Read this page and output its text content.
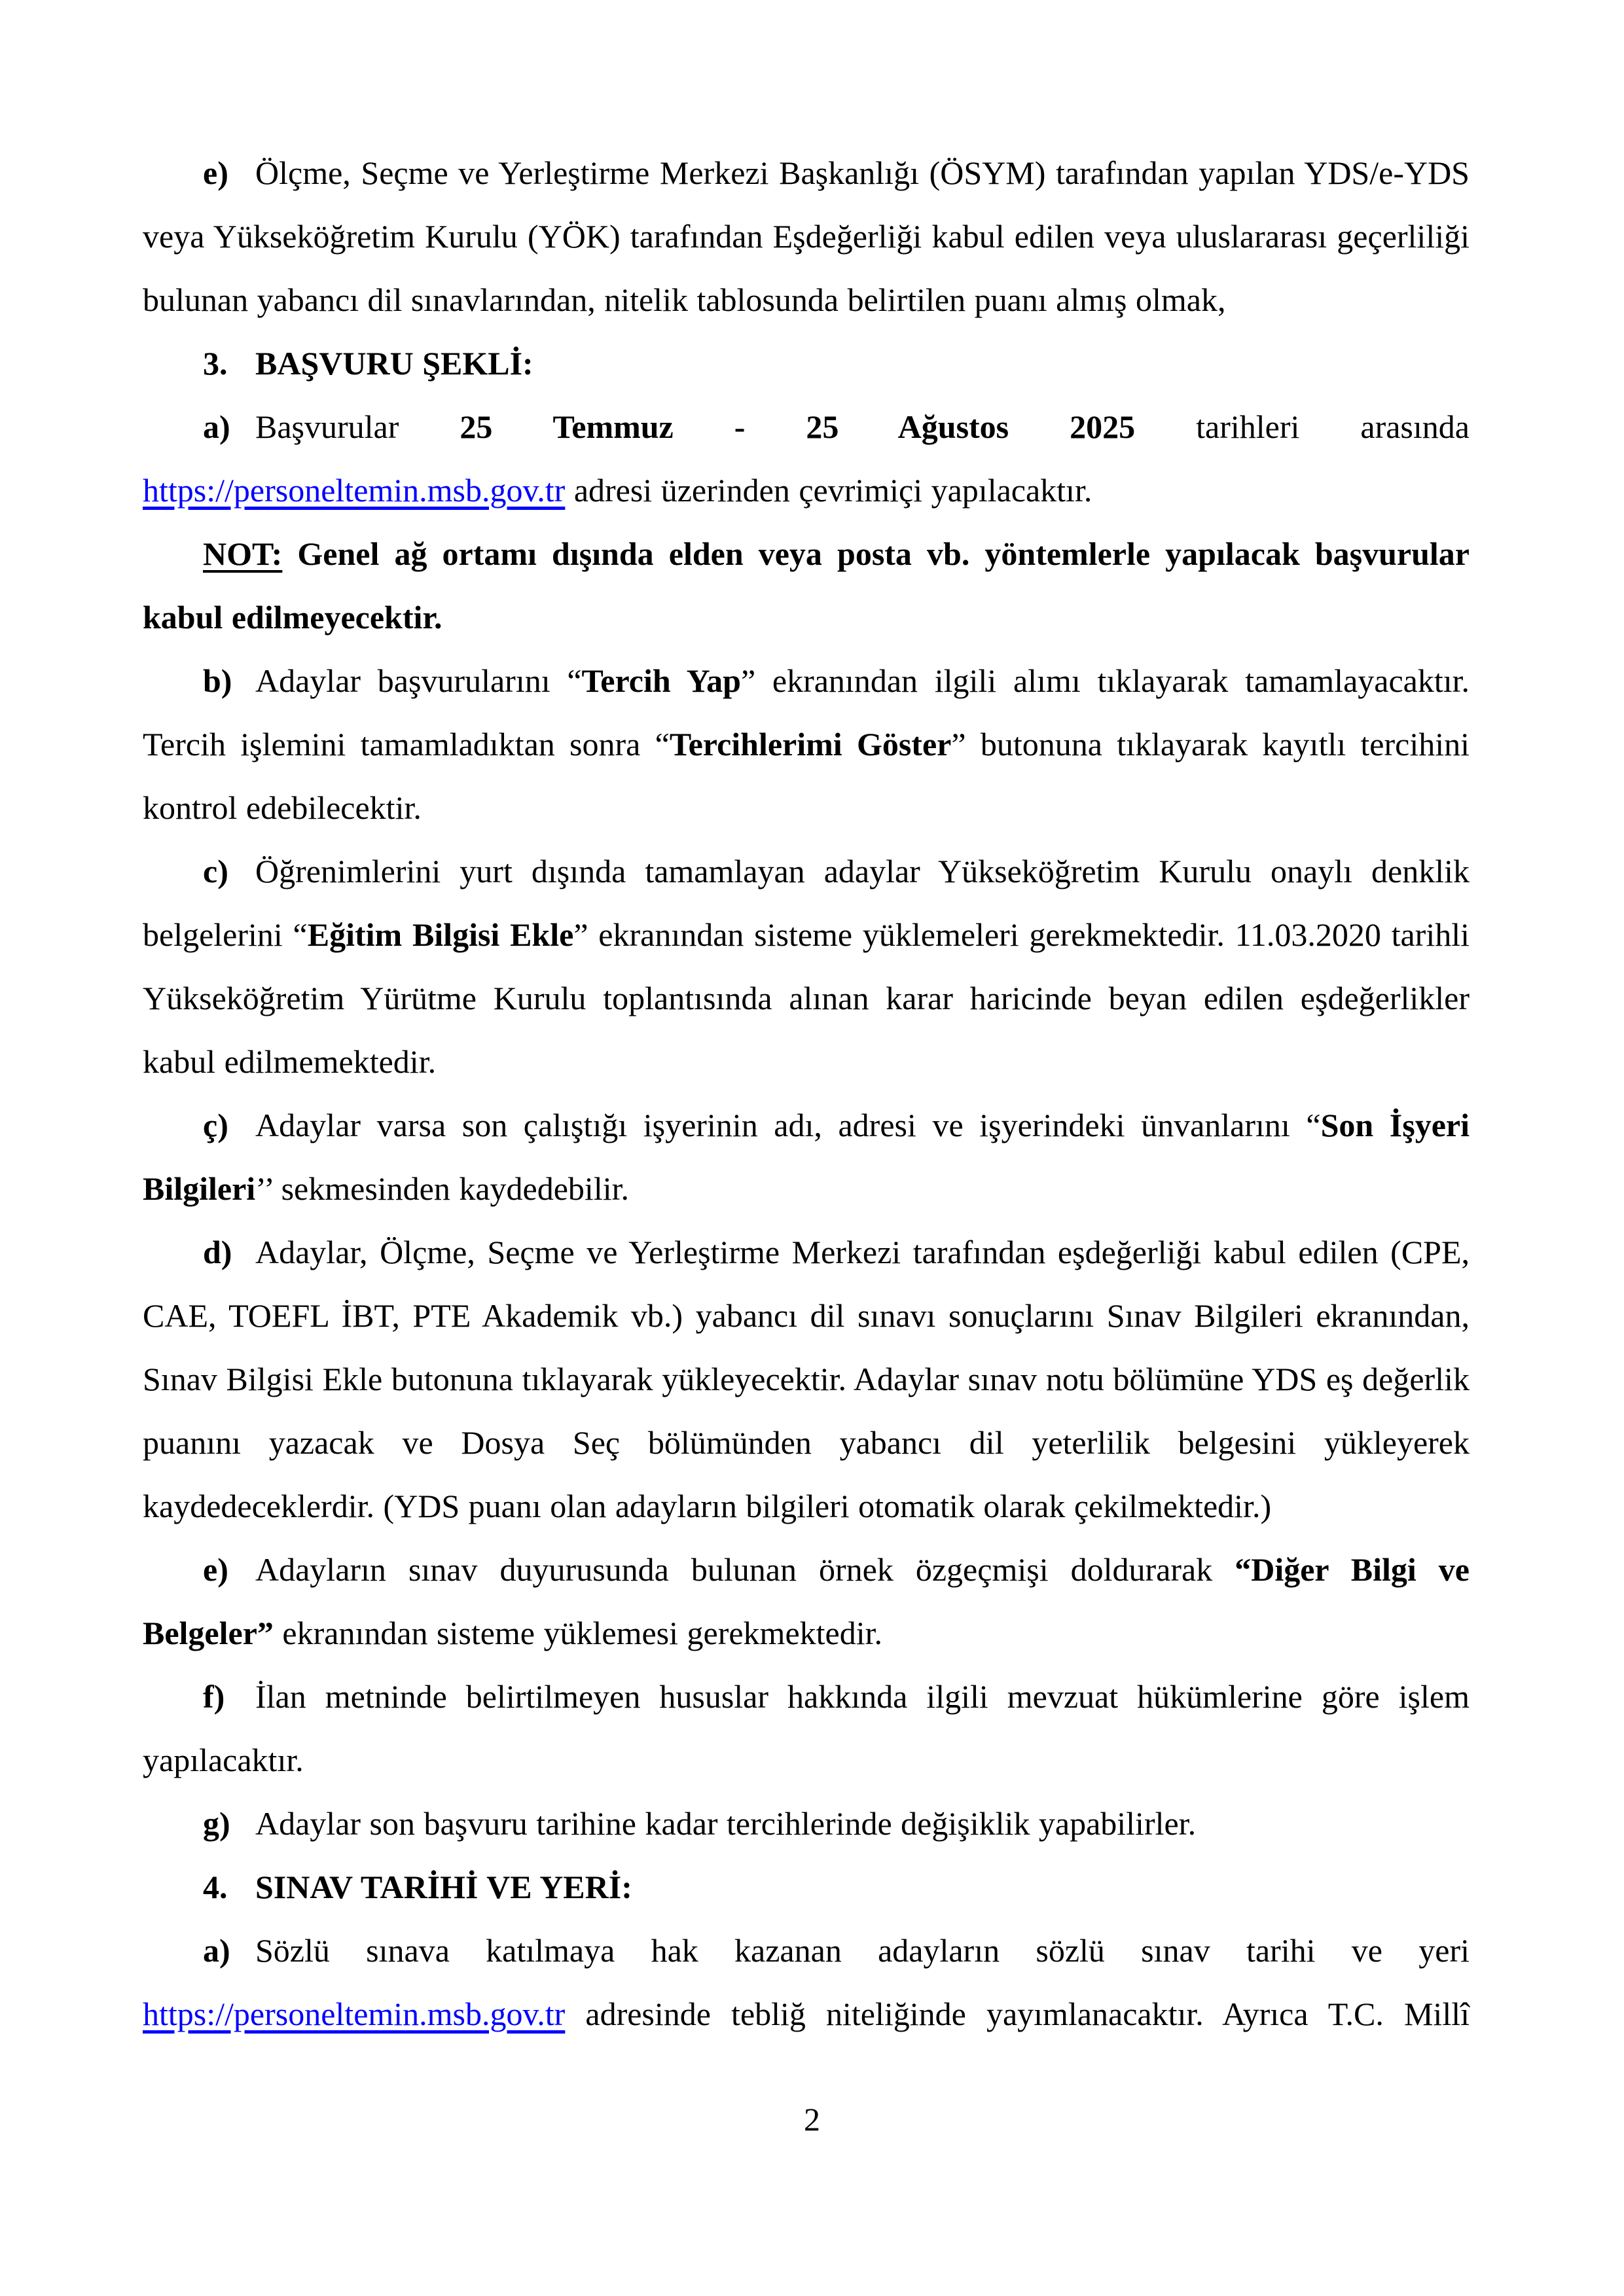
e) Ölçme, Seçme ve Yerleştirme Merkezi Başkanlığı (ÖSYM) tarafından yapılan YDS/e-YDS veya Yükseköğretim Kurulu (YÖK) tarafından Eşdeğerliği kabul edilen veya uluslararası geçerliliği bulunan yabancı dil sınavlarından, nitelik tablosunda belirtilen puanı almış olmak,

3. BAŞVURU ŞEKLİ:

a) Başvurular 25 Temmuz - 25 Ağustos 2025 tarihleri arasında https://personeltemin.msb.gov.tr adresi üzerinden çevrimiçi yapılacaktır.

NOT: Genel ağ ortamı dışında elden veya posta vb. yöntemlerle yapılacak başvurular kabul edilmeyecektir.

b) Adaylar başvurularını “Tercih Yap” ekranından ilgili alımı tıklayarak tamamlayacaktır. Tercih işlemini tamamladıktan sonra “Tercihlerimi Göster” butonuna tıklayarak kayıtlı tercihini kontrol edebilecektir.

c) Öğrenimlerini yurt dışında tamamlayan adaylar Yükseköğretim Kurulu onaylı denklik belgelerini “Eğitim Bilgisi Ekle” ekranından sisteme yüklemeleri gerekmektedir. 11.03.2020 tarihli Yükseköğretim Yürütme Kurulu toplantısında alınan karar haricinde beyan edilen eşdeğerlikler kabul edilmemektedir.

ç) Adaylar varsa son çalıştığı işyerinin adı, adresi ve işyerindeki ünvanlarını “Son İşyeri Bilgileri’’ sekmesinden kaydedebilir.

d) Adaylar, Ölçme, Seçme ve Yerleştirme Merkezi tarafından eşdeğerliği kabul edilen (CPE, CAE, TOEFL İBT, PTE Akademik vb.) yabancı dil sınavı sonuçlarını Sınav Bilgileri ekranından, Sınav Bilgisi Ekle butonuna tıklayarak yükleyecektir. Adaylar sınav notu bölümüne YDS eş değerlik puanını yazacak ve Dosya Seç bölümünden yabancı dil yeterlilik belgesini yükleyerek kaydedeceklerdir. (YDS puanı olan adayların bilgileri otomatik olarak çekilmektedir.)

e) Adayların sınav duyurusunda bulunan örnek özgeçmişi doldurarak “Diğer Bilgi ve Belgeler” ekranından sisteme yüklemesi gerekmektedir.

f) İlan metninde belirtilmeyen hususlar hakkında ilgili mevzuat hükümlerine göre işlem yapılacaktır.

g) Adaylar son başvuru tarihine kadar tercihlerinde değişiklik yapabilirler.

4. SINAV TARİHİ VE YERİ:

a) Sözlü sınava katılmaya hak kazanan adayların sözlü sınav tarihi ve yeri https://personeltemin.msb.gov.tr adresinde tebliğ niteliğinde yayımlanacaktır. Ayrıca T.C. Millî

2
